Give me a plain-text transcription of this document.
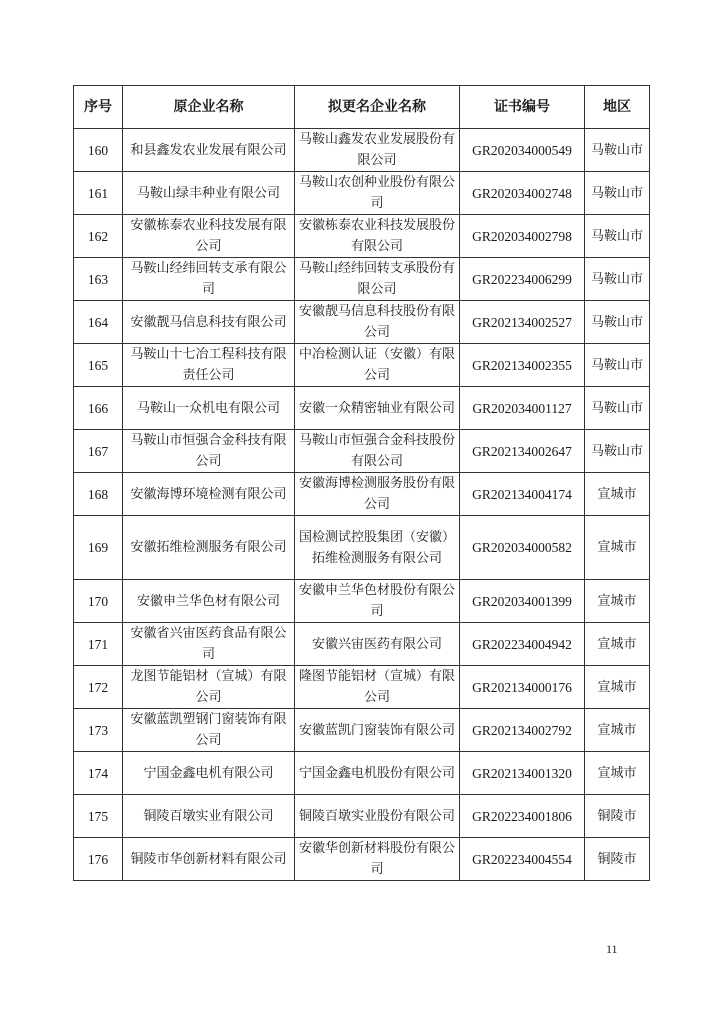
序号	原企业名称	拟更名企业名称	证书编号	地区
160	和县鑫发农业发展有限公司	马鞍山鑫发农业发展股份有限公司	GR202034000549	马鞍山市
161	马鞍山绿丰种业有限公司	马鞍山农创种业股份有限公司	GR202034002748	马鞍山市
162	安徽栋泰农业科技发展有限公司	安徽栋泰农业科技发展股份有限公司	GR202034002798	马鞍山市
163	马鞍山经纬回转支承有限公司	马鞍山经纬回转支承股份有限公司	GR202234006299	马鞍山市
164	安徽靓马信息科技有限公司	安徽靓马信息科技股份有限公司	GR202134002527	马鞍山市
165	马鞍山十七冶工程科技有限责任公司	中冶检测认证（安徽）有限公司	GR202134002355	马鞍山市
166	马鞍山一众机电有限公司	安徽一众精密轴业有限公司	GR202034001127	马鞍山市
167	马鞍山市恒强合金科技有限公司	马鞍山市恒强合金科技股份有限公司	GR202134002647	马鞍山市
168	安徽海博环境检测有限公司	安徽海博检测服务股份有限公司	GR202134004174	宣城市
169	安徽拓维检测服务有限公司	国检测试控股集团（安徽）拓维检测服务有限公司	GR202034000582	宣城市
170	安徽申兰华色材有限公司	安徽申兰华色材股份有限公司	GR202034001399	宣城市
171	安徽省兴宙医药食品有限公司	安徽兴宙医药有限公司	GR202234004942	宣城市
172	龙图节能铝材（宣城）有限公司	隆图节能铝材（宣城）有限公司	GR202134000176	宣城市
173	安徽蓝凯塑钢门窗装饰有限公司	安徽蓝凯门窗装饰有限公司	GR202134002792	宣城市
174	宁国金鑫电机有限公司	宁国金鑫电机股份有限公司	GR202134001320	宣城市
175	铜陵百墩实业有限公司	铜陵百墩实业股份有限公司	GR202234001806	铜陵市
176	铜陵市华创新材料有限公司	安徽华创新材料股份有限公司	GR202234004554	铜陵市
11
